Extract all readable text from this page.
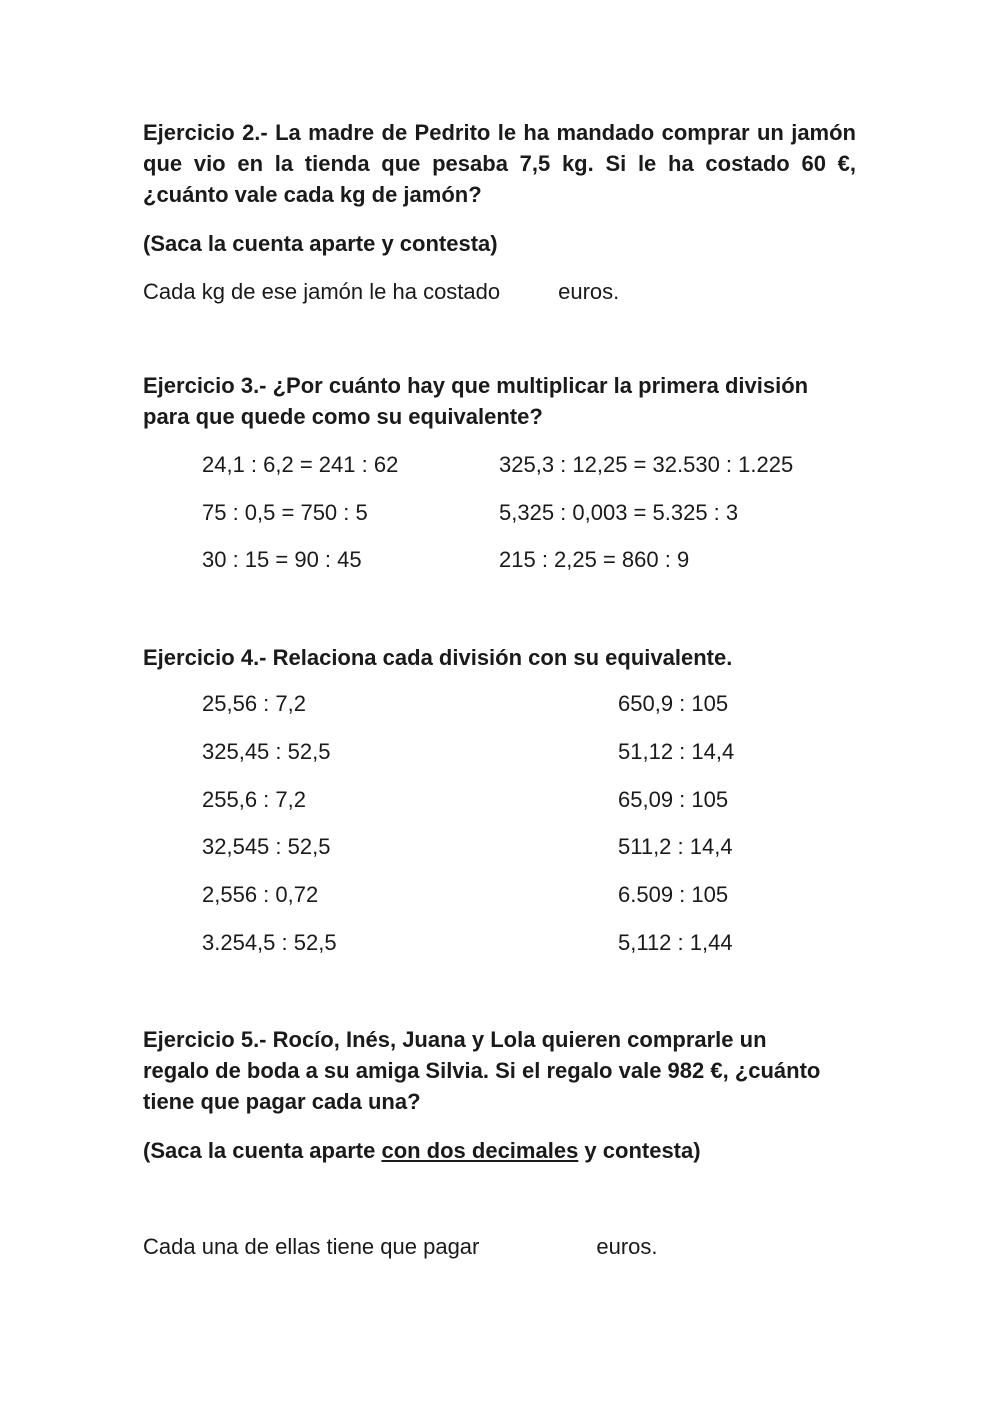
Ejercicio 2.- La madre de Pedrito le ha mandado comprar un jamón que vio en la tienda que pesaba 7,5 kg. Si le ha costado 60 €, ¿cuánto vale cada kg de jamón?

(Saca la cuenta aparte y contesta)

Cada kg de ese jamón le ha costado	euros.

Ejercicio 3.- ¿Por cuánto hay que multiplicar la primera división para que quede como su equivalente?

24,1 : 6,2 = 241 : 62

75 : 0,5 = 750 : 5

30 : 15 = 90 : 45

325,3 : 12,25 = 32.530 : 1.225

5,325 : 0,003 = 5.325 : 3

215 : 2,25 = 860 : 9

Ejercicio 4.- Relaciona cada división con su equivalente.

25,56 : 7,2

325,45 : 52,5

255,6 : 7,2

32,545 : 52,5

2,556 : 0,72

3.254,5 : 52,5

650,9 : 105

51,12 : 14,4

65,09 : 105

511,2 : 14,4

6.509 : 105

5,112 : 1,44

Ejercicio 5.- Rocío, Inés, Juana y Lola quieren comprarle un regalo de boda a su amiga Silvia. Si el regalo vale 982 €, ¿cuánto tiene que pagar cada una?

(Saca la cuenta aparte con dos decimales y contesta)

Cada una de ellas tiene que pagar	euros.
